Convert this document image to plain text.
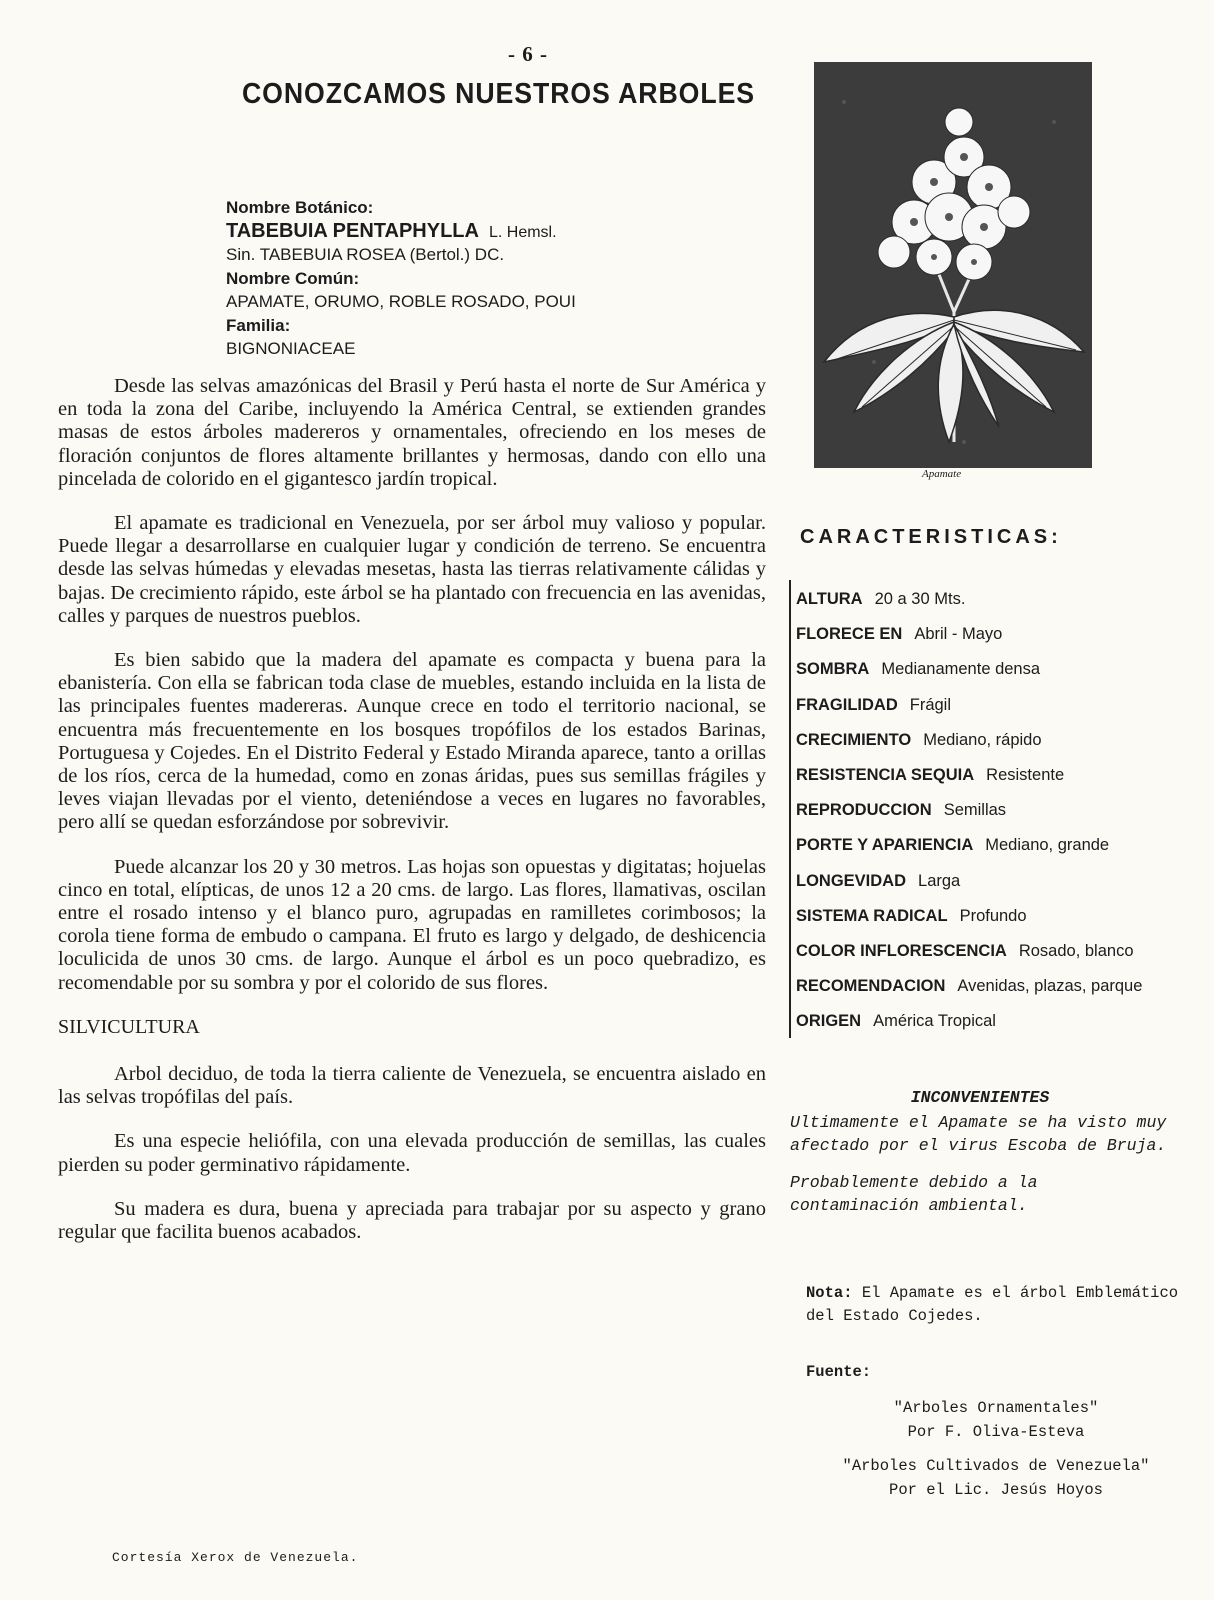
- 6 -
CONOZCAMOS NUESTROS ARBOLES
Nombre Botánico:
TABEBUIA PENTAPHYLLA L. Hemsl.
Sin. TABEBUIA ROSEA (Bertol.) DC.
Nombre Común:
APAMATE, ORUMO, ROBLE ROSADO, POUI
Familia:
BIGNONIACEAE

Desde las selvas amazónicas del Brasil y Perú hasta el norte de Sur América y en toda la zona del Caribe, incluyendo la América Central, se extienden grandes masas de estos árboles madereros y ornamentales, ofreciendo en los meses de floración conjuntos de flores altamente brillantes y hermosas, dando con ello una pincelada de colorido en el gigantesco jardín tropical.

El apamate es tradicional en Venezuela, por ser árbol muy valioso y popular. Puede llegar a desarrollarse en cualquier lugar y condición de terreno. Se encuentra desde las selvas húmedas y elevadas mesetas, hasta las tierras relativamente cálidas y bajas. De crecimiento rápido, este árbol se ha plantado con frecuencia en las avenidas, calles y parques de nuestros pueblos.

Es bien sabido que la madera del apamate es compacta y buena para la ebanistería. Con ella se fabrican toda clase de muebles, estando incluida en la lista de las principales fuentes madereras. Aunque crece en todo el territorio nacional, se encuentra más frecuentemente en los bosques tropófilos de los estados Barinas, Portuguesa y Cojedes. En el Distrito Federal y Estado Miranda aparece, tanto a orillas de los ríos, cerca de la humedad, como en zonas áridas, pues sus semillas frágiles y leves viajan llevadas por el viento, deteniéndose a veces en lugares no favorables, pero allí se quedan esforzándose por sobrevivir.

Puede alcanzar los 20 y 30 metros. Las hojas son opuestas y digitatas; hojuelas cinco en total, elípticas, de unos 12 a 20 cms. de largo. Las flores, llamativas, oscilan entre el rosado intenso y el blanco puro, agrupadas en ramilletes corimbosos; la corola tiene forma de embudo o campana. El fruto es largo y delgado, de deshicencia loculicida de unos 30 cms. de largo. Aunque el árbol es un poco quebradizo, es recomendable por su sombra y por el colorido de sus flores.

SILVICULTURA

Arbol deciduo, de toda la tierra caliente de Venezuela, se encuentra aislado en las selvas tropófilas del país.

Es una especie heliófila, con una elevada producción de semillas, las cuales pierden su poder germinativo rápidamente.

Su madera es dura, buena y apreciada para trabajar por su aspecto y grano regular que facilita buenos acabados.

Apamate
CARACTERISTICAS:
ALTURA 20 a 30 Mts.
FLORECE EN Abril - Mayo
SOMBRA Medianamente densa
FRAGILIDAD Frágil
CRECIMIENTO Mediano, rápido
RESISTENCIA SEQUIA Resistente
REPRODUCCION Semillas
PORTE Y APARIENCIA Mediano, grande
LONGEVIDAD Larga
SISTEMA RADICAL Profundo
COLOR INFLORESCENCIA Rosado, blanco
RECOMENDACION Avenidas, plazas, parque
ORIGEN América Tropical
INCONVENIENTES

Ultimamente el Apamate se ha visto muy afectado por el virus Escoba de Bruja.

Probablemente debido a la contaminación ambiental.

Nota: El Apamate es el árbol Emblemático del Estado Cojedes.
Fuente:
"Arboles Ornamentales"
Por F. Oliva-Esteva
"Arboles Cultivados de Venezuela"
Por el Lic. Jesús Hoyos
Cortesía Xerox de Venezuela.
